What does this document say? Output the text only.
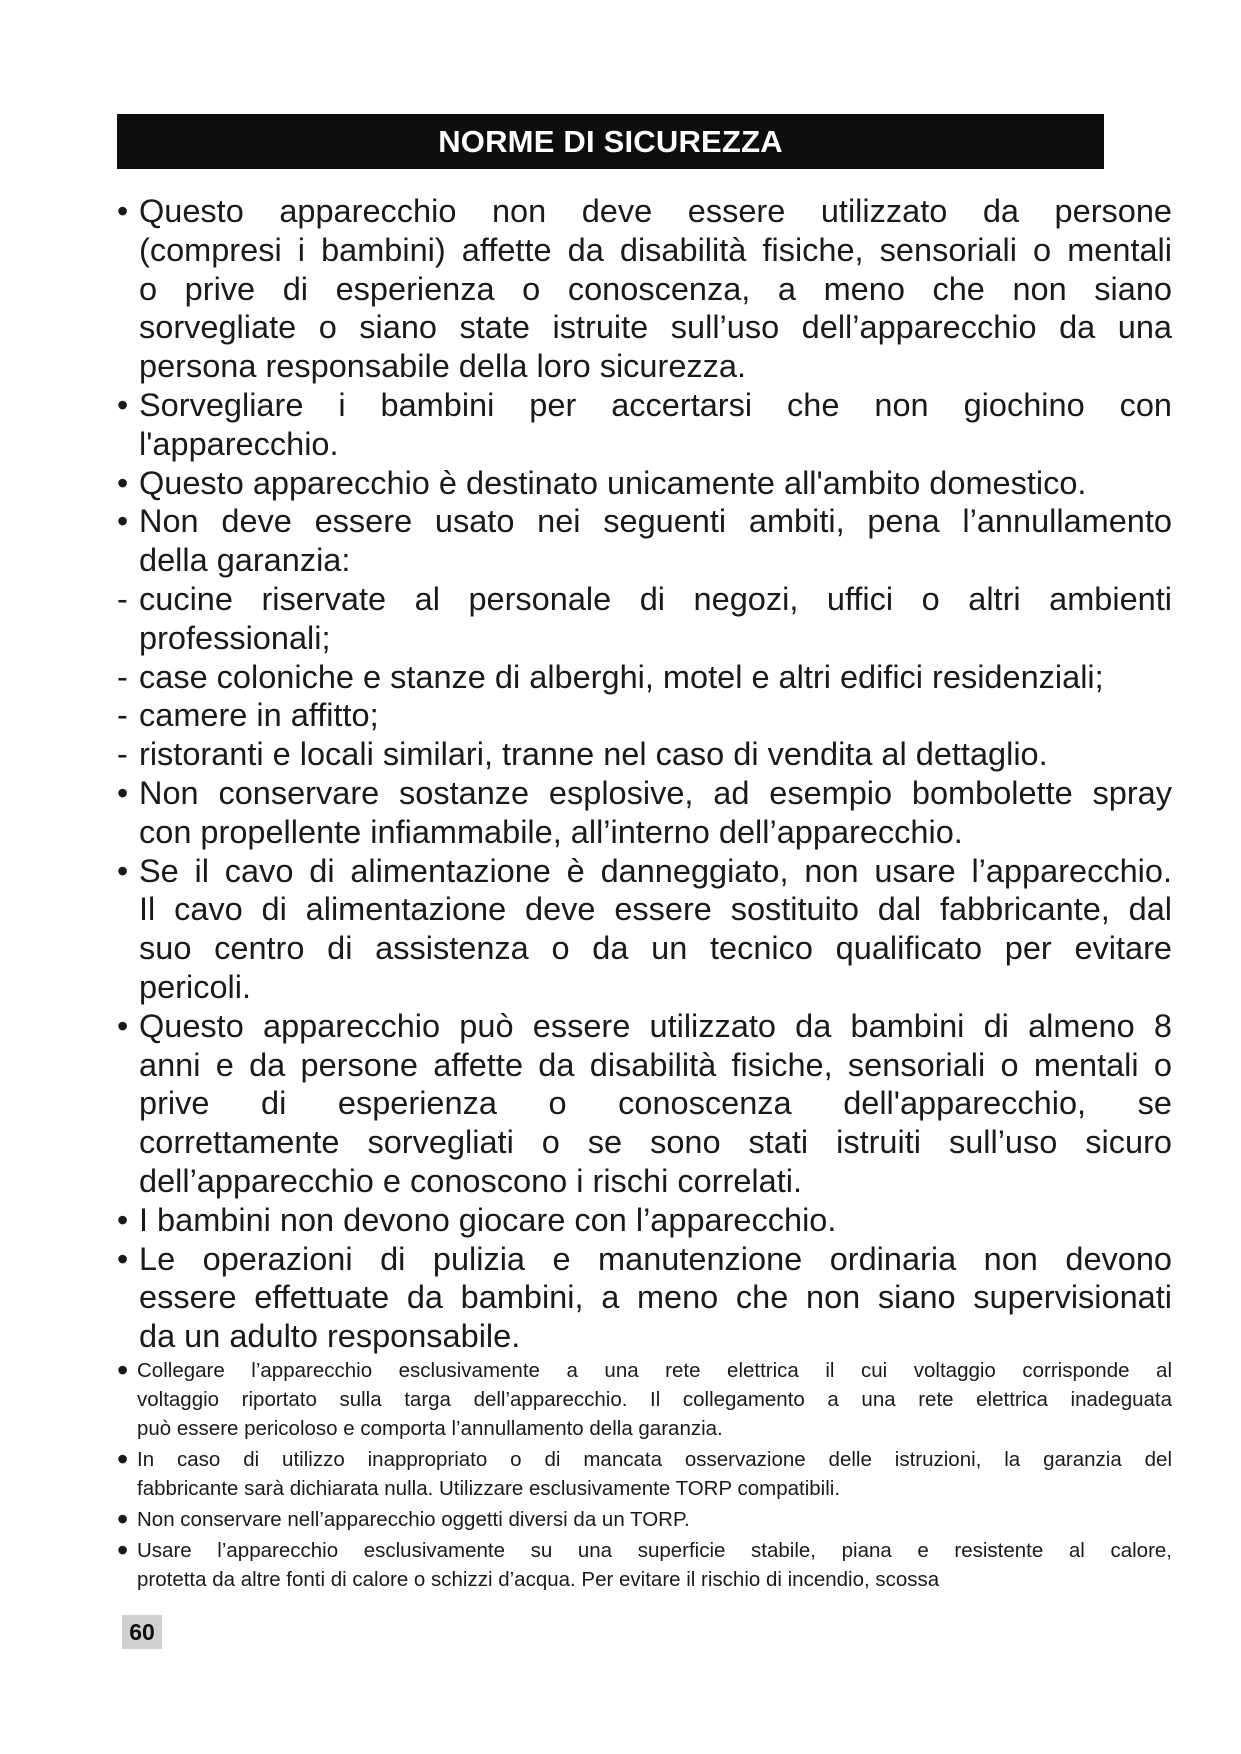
NORME DI SICUREZZA
• Questo apparecchio non deve essere utilizzato da persone
(compresi i bambini) affette da disabilità fisiche, sensoriali o mentali
o prive di esperienza o conoscenza, a meno che non siano
sorvegliate o siano state istruite sull’uso dell’apparecchio da una
persona responsabile della loro sicurezza.
• Sorvegliare i bambini per accertarsi che non giochino con
l'apparecchio.
• Questo apparecchio è destinato unicamente all'ambito domestico.
• Non deve essere usato nei seguenti ambiti, pena l’annullamento
della garanzia:
- cucine riservate al personale di negozi, uffici o altri ambienti
professionali;
- case coloniche e stanze di alberghi, motel e altri edifici residenziali;
- camere in affitto;
- ristoranti e locali similari, tranne nel caso di vendita al dettaglio.
• Non conservare sostanze esplosive, ad esempio bombolette spray
con propellente infiammabile, all’interno dell’apparecchio.
• Se il cavo di alimentazione è danneggiato, non usare l’apparecchio.
Il cavo di alimentazione deve essere sostituito dal fabbricante, dal
suo centro di assistenza o da un tecnico qualificato per evitare
pericoli.
• Questo apparecchio può essere utilizzato da bambini di almeno 8
anni e da persone affette da disabilità fisiche, sensoriali o mentali o
prive di esperienza o conoscenza dell'apparecchio, se
correttamente sorvegliati o se sono stati istruiti sull’uso sicuro
dell’apparecchio e conoscono i rischi correlati.
• I bambini non devono giocare con l’apparecchio.
• Le operazioni di pulizia e manutenzione ordinaria non devono
essere effettuate da bambini, a meno che non siano supervisionati
da un adulto responsabile.
• Collegare l’apparecchio esclusivamente a una rete elettrica il cui voltaggio corrisponde al
voltaggio riportato sulla targa dell’apparecchio. Il collegamento a una rete elettrica inadeguata
può essere pericoloso e comporta l’annullamento della garanzia.
• In caso di utilizzo inappropriato o di mancata osservazione delle istruzioni, la garanzia del
fabbricante sarà dichiarata nulla. Utilizzare esclusivamente TORP compatibili.
• Non conservare nell’apparecchio oggetti diversi da un TORP.
• Usare l’apparecchio esclusivamente su una superficie stabile, piana e resistente al calore,
protetta da altre fonti di calore o schizzi d’acqua. Per evitare il rischio di incendio, scossa
60
